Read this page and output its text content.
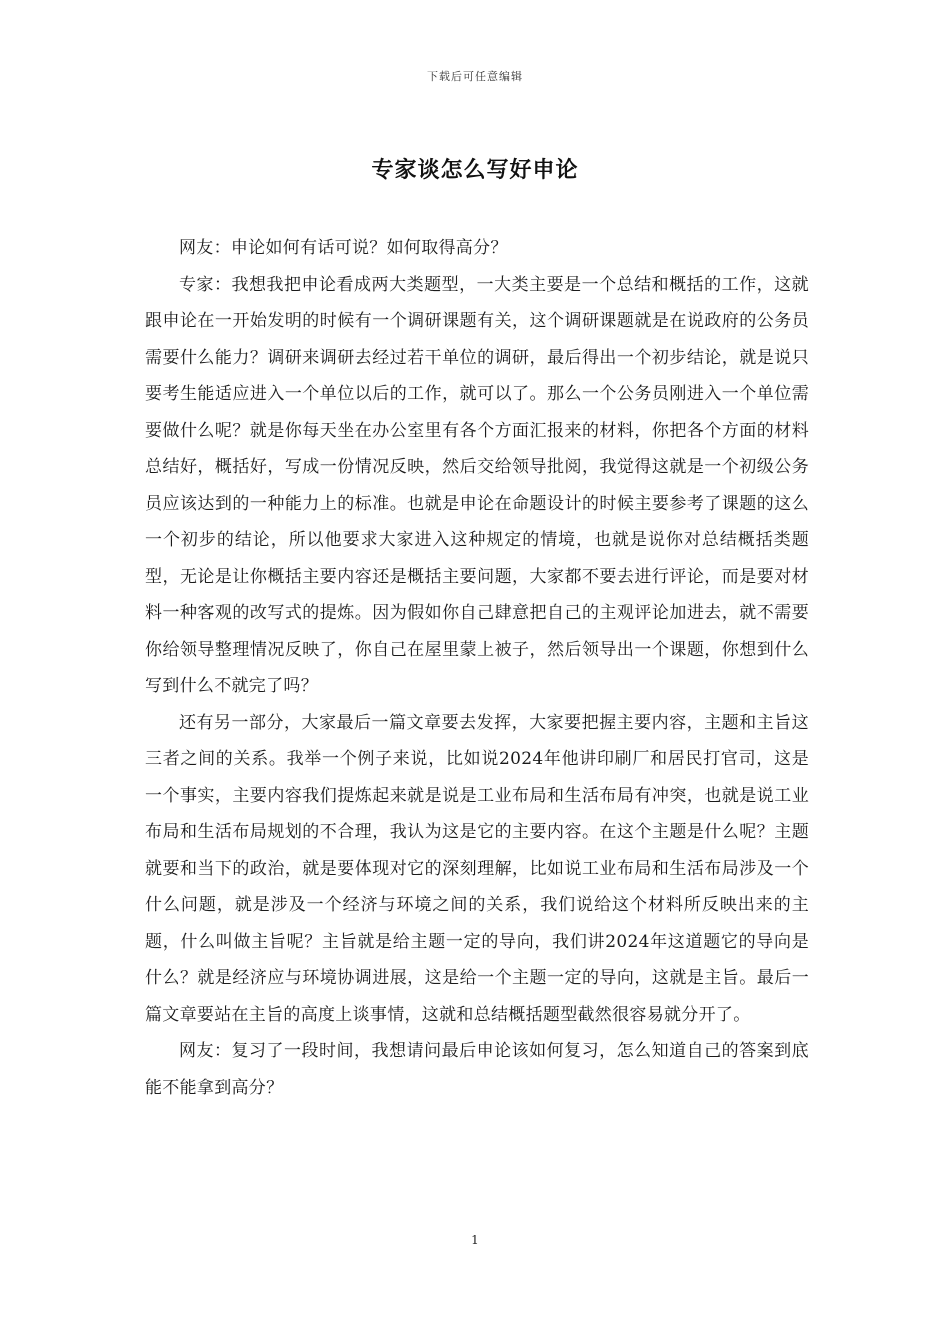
下载后可任意编辑
专家谈怎么写好申论

网友：申论如何有话可说？如何取得高分？

专家：我想我把申论看成两大类题型，一大类主要是一个总结和概括的工作，这就跟申论在一开始发明的时候有一个调研课题有关，这个调研课题就是在说政府的公务员需要什么能力？调研来调研去经过若干单位的调研，最后得出一个初步结论，就是说只要考生能适应进入一个单位以后的工作，就可以了。那么一个公务员刚进入一个单位需要做什么呢？就是你每天坐在办公室里有各个方面汇报来的材料，你把各个方面的材料总结好，概括好，写成一份情况反映，然后交给领导批阅，我觉得这就是一个初级公务员应该达到的一种能力上的标准。也就是申论在命题设计的时候主要参考了课题的这么一个初步的结论，所以他要求大家进入这种规定的情境，也就是说你对总结概括类题型，无论是让你概括主要内容还是概括主要问题，大家都不要去进行评论，而是要对材料一种客观的改写式的提炼。因为假如你自己肆意把自己的主观评论加进去，就不需要你给领导整理情况反映了，你自己在屋里蒙上被子，然后领导出一个课题，你想到什么写到什么不就完了吗？

还有另一部分，大家最后一篇文章要去发挥，大家要把握主要内容，主题和主旨这三者之间的关系。我举一个例子来说，比如说2024年他讲印刷厂和居民打官司，这是一个事实，主要内容我们提炼起来就是说是工业布局和生活布局有冲突，也就是说工业布局和生活布局规划的不合理，我认为这是它的主要内容。在这个主题是什么呢？主题就要和当下的政治，就是要体现对它的深刻理解，比如说工业布局和生活布局涉及一个什么问题，就是涉及一个经济与环境之间的关系，我们说给这个材料所反映出来的主题，什么叫做主旨呢？主旨就是给主题一定的导向，我们讲2024年这道题它的导向是什么？就是经济应与环境协调进展，这是给一个主题一定的导向，这就是主旨。最后一篇文章要站在主旨的高度上谈事情，这就和总结概括题型截然很容易就分开了。

网友：复习了一段时间，我想请问最后申论该如何复习，怎么知道自己的答案到底能不能拿到高分？

1
